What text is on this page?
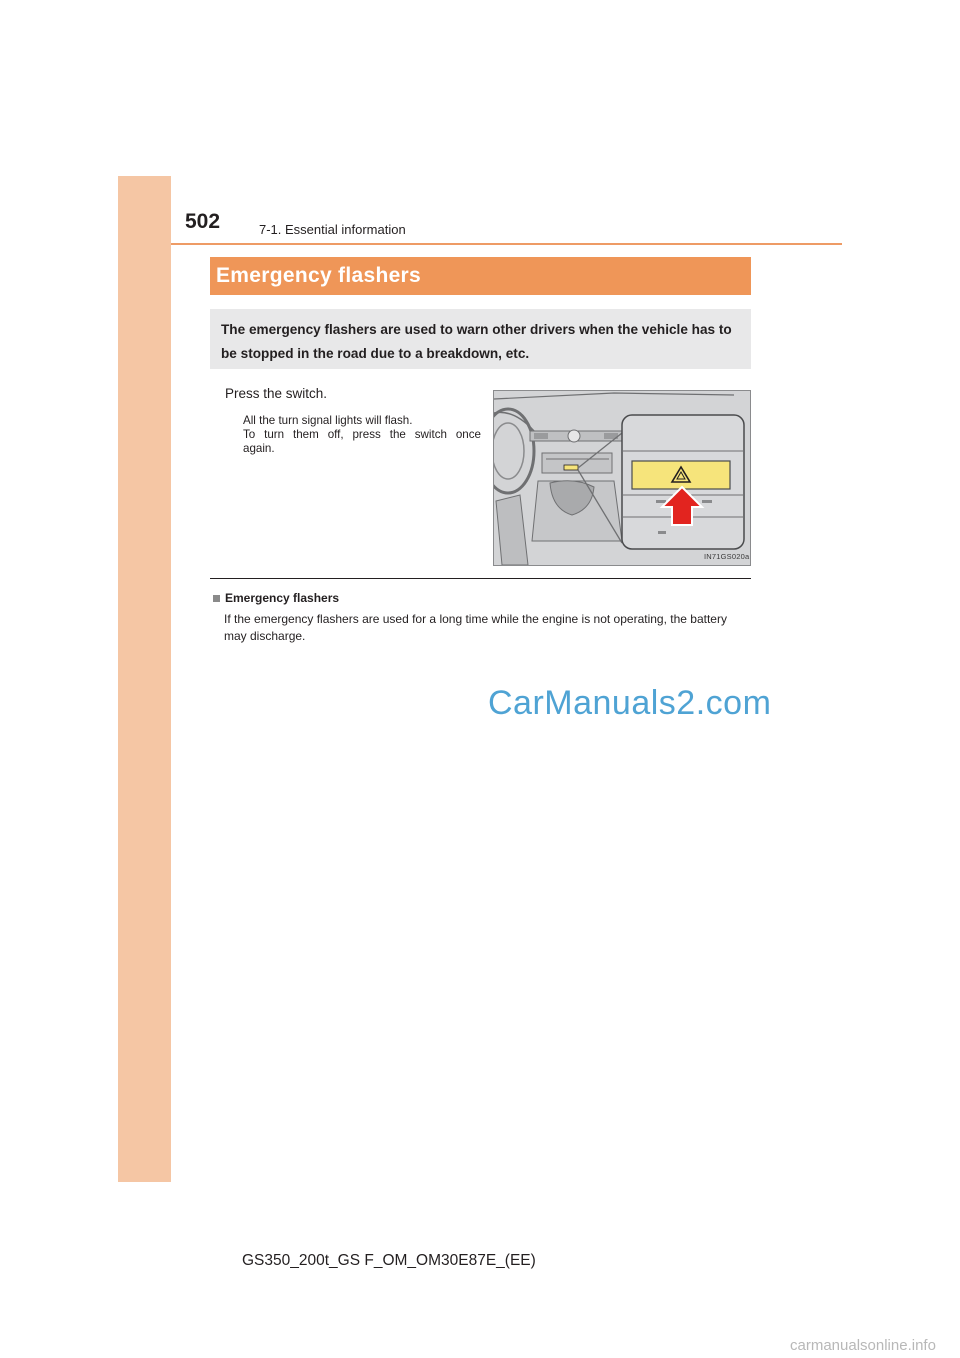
502	7-1. Essential information
Emergency flashers
The emergency flashers are used to warn other drivers when the vehicle has to be stopped in the road due to a breakdown, etc.
Press the switch.
All the turn signal lights will flash.
To turn them off, press the switch once
again.
IN71GS020a
Emergency flashers
If the emergency flashers are used for a long time while the engine is not operating, the battery may discharge.
CarManuals2.com
GS350_200t_GS F_OM_OM30E87E_(EE)
carmanualsonline.info
